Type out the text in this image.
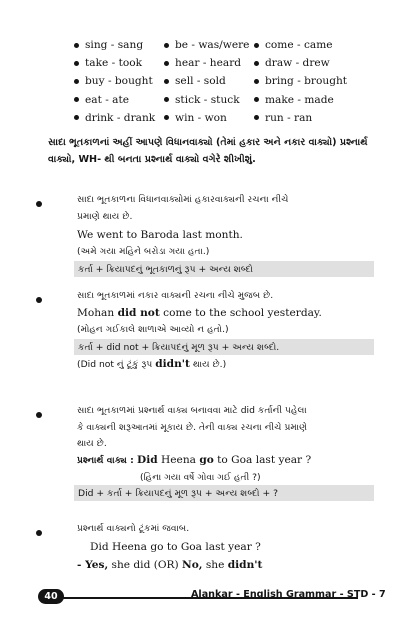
sing - sang	be - was/were come - came
take - took	hear - heard draw - drew
buy - bought sell - sold	bring - brought
eat - ate	stick - stuck make - made
drink - drank win - won	run - ran
સાદા ભૂતકાળનાં અહીં આપણે વિધાનવાક્યો (તેમાં હકાર અને નકાર વાક્યો) પ્રશ્નાર્થ વાક્યો, WH- થી બનતા પ્રશ્નાર્થ વાક્યો વગેરે શીખીશું.
સાદા ભૂતકાળના વિધાનવાક્યોમાં હકારવાક્યની રચના નીચે
પ્રમાણે થાય છે.
We went to Baroda last month.
(અમે ગયા મહિને બરોડા ગયા હતા.)
કર્તા + ક્રિયાપદનું ભૂતકાળનું રૂપ + અન્ય શબ્દો
સાદા ભૂતકાળમાં નકાર વાક્યની રચના નીચે મુજબ છે.
Mohan did not come to the school yesterday.
(મોહન ગઈકાલે શાળાએ આવ્યો ન હતો.)
કર્તા + did not + ક્રિયાપદનું મૂળ રૂપ + અન્ય શબ્દો.
(Did not નું ટૂંકું રૂપ didn't થાય છે.)
સાદા ભૂતકાળમાં પ્રશ્નાર્થ વાક્ય બનાવવા માટે did કર્તાની પહેલા
કે વાક્યની શરૂઆતમાં મૂકાય છે. તેની વાક્ય રચના નીચે પ્રમાણે
થાય છે.
પ્રશ્નાર્થ વાક્ય : Did Heena go to Goa last year ?
(હિના ગયા વર્ષે ગોવા ગઈ હતી ?)
Did + કર્તા + ક્રિયાપદનું મૂળ રૂપ + અન્ય શબ્દો + ?
પ્રશ્નાર્થ વાક્યનો ટૂંકમાં જવાબ.
Did Heena go to Goa last year ?
- Yes, she did (OR) No, she didn't
40	Alankar - English Grammar - STD - 7
